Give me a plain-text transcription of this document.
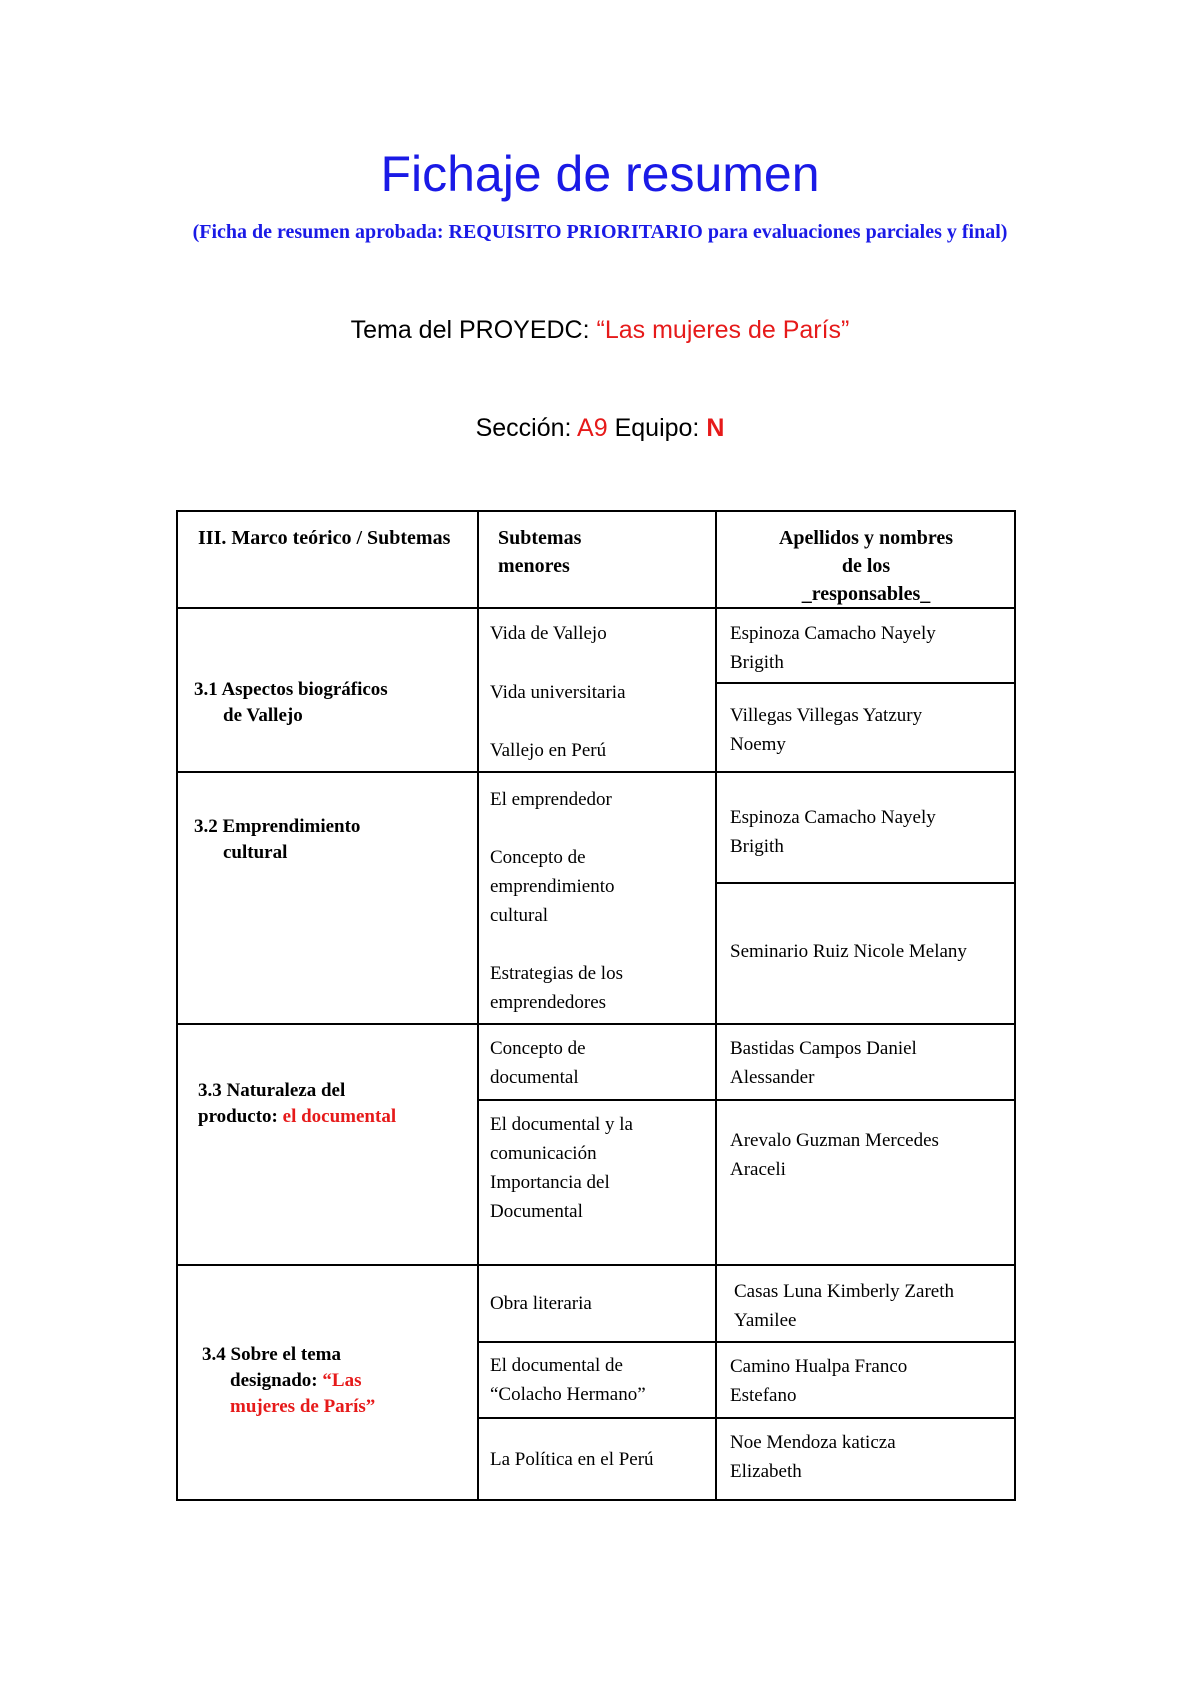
Fichaje de resumen
(Ficha de resumen aprobada: REQUISITO PRIORITARIO para evaluaciones parciales y final)
Tema del PROYEDC: “Las mujeres de París”
Sección: A9 Equipo: N
III. Marco teórico / Subtemas	Subtemas
menores
Apellidos y nombres
de los
_responsables_
3.1 Aspectos biográficos
de Vallejo
Vida de Vallejo
Vida universitaria
Vallejo en Perú
Espinoza Camacho Nayely
Brigith
Villegas Villegas Yatzury
Noemy
3.2 Emprendimiento
cultural
El emprendedor
Concepto de
emprendimiento
cultural
Estrategias de los
emprendedores
Espinoza Camacho Nayely
Brigith
Seminario Ruiz Nicole Melany
3.3 Naturaleza del
producto: el documental
Concepto de
documental
El documental y la
comunicación
Importancia del
Documental
Bastidas Campos Daniel
Alessander
Arevalo Guzman Mercedes
Araceli
3.4 Sobre el tema
designado: “Las
mujeres de París”
Obra literaria
El documental de
“Colacho Hermano”
La Política en el Perú
Casas Luna Kimberly Zareth
Yamilee
Camino Hualpa Franco
Estefano
Noe Mendoza katicza
Elizabeth
